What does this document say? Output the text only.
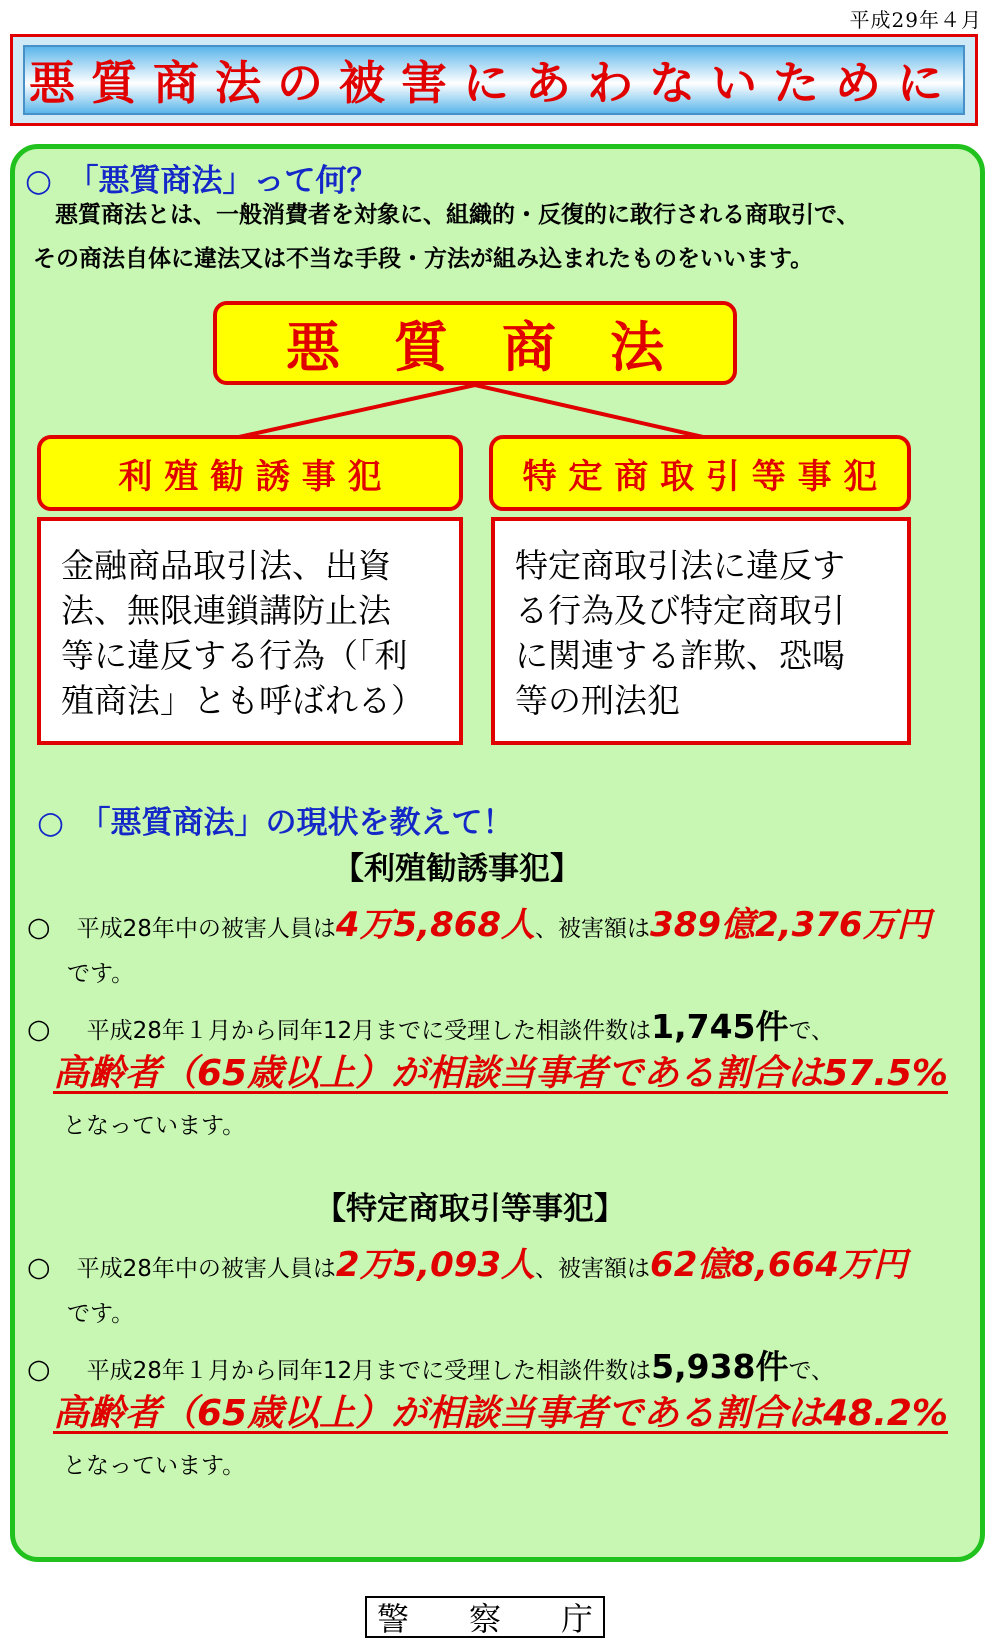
平成29年４月
悪質商法の被害にあわないために
○　「悪質商法」って何？
悪質商法とは、一般消費者を対象に、組織的・反復的に敢行される商取引で、
その商法自体に違法又は不当な手段・方法が組み込まれたものをいいます。
悪　質　商　法
利 殖 勧 誘 事 犯	特 定 商 取 引 等 事 犯
金融商品取引法、出資
法、無限連鎖講防止法
等に違反する行為（「利
殖商法」とも呼ばれる）
特定商取引法に違反す
る行為及び特定商取引
に関連する詐欺、恐喝
等の刑法犯
○　「悪質商法」の現状を教えて！
【利殖勧誘事犯】
○ 平成28年中の被害人員は 4万5,868人 、被害額は 389億2,376万円
です。
○ 平成28年１月から同年12月までに受理した相談件数は 1,745件 で、
高齢者（65歳以上）が相談当事者である割合は57.5%
となっています。
【特定商取引等事犯】
○ 平成28年中の被害人員は 2万5,093人 、被害額は 62億8,664万円
です。
○ 平成28年１月から同年12月までに受理した相談件数は 5,938件 で、
高齢者（65歳以上）が相談当事者である割合は48.2%
となっています。
警 察 庁
